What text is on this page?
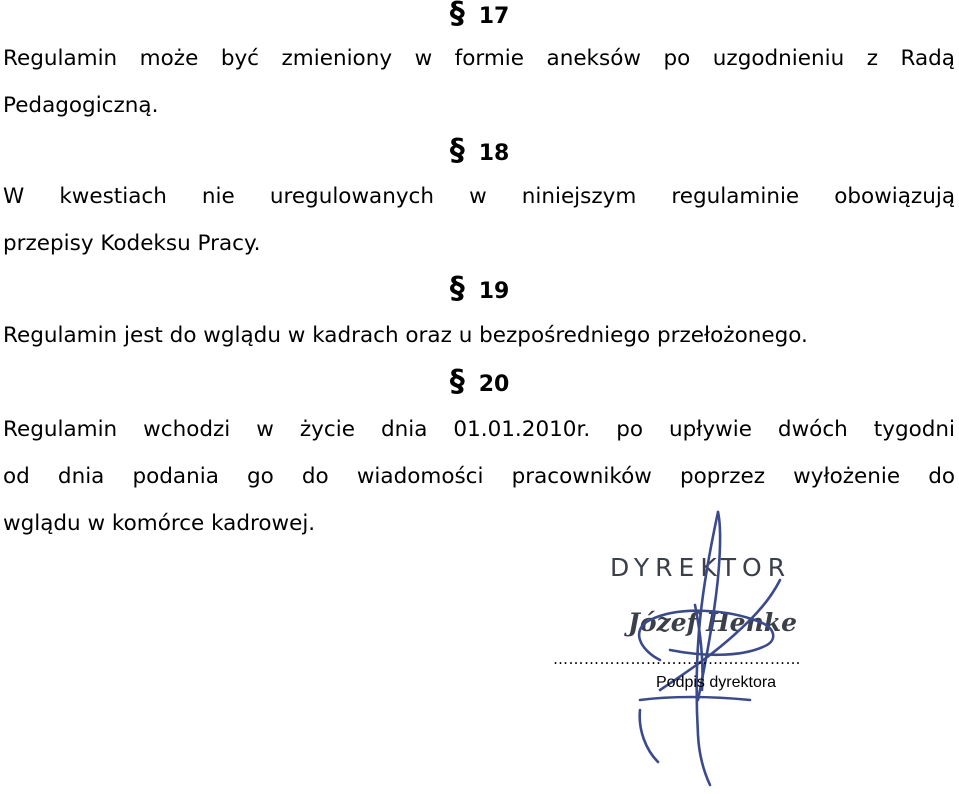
§ 17
Regulamin może być zmieniony w formie aneksów po uzgodnieniu z Radą
Pedagogiczną.
§ 18
W kwestiach nie uregulowanych w niniejszym regulaminie obowiązują
przepisy Kodeksu Pracy.
§ 19
Regulamin jest do wglądu w kadrach oraz u bezpośredniego przełożonego.
§ 20
Regulamin wchodzi w życie dnia 01.01.2010r. po upływie dwóch tygodni
od dnia podania go do wiadomości pracowników poprzez wyłożenie do
wglądu w komórce kadrowej.
DYREKTOR
Józef Henke
…………………………………………
Podpis dyrektora
